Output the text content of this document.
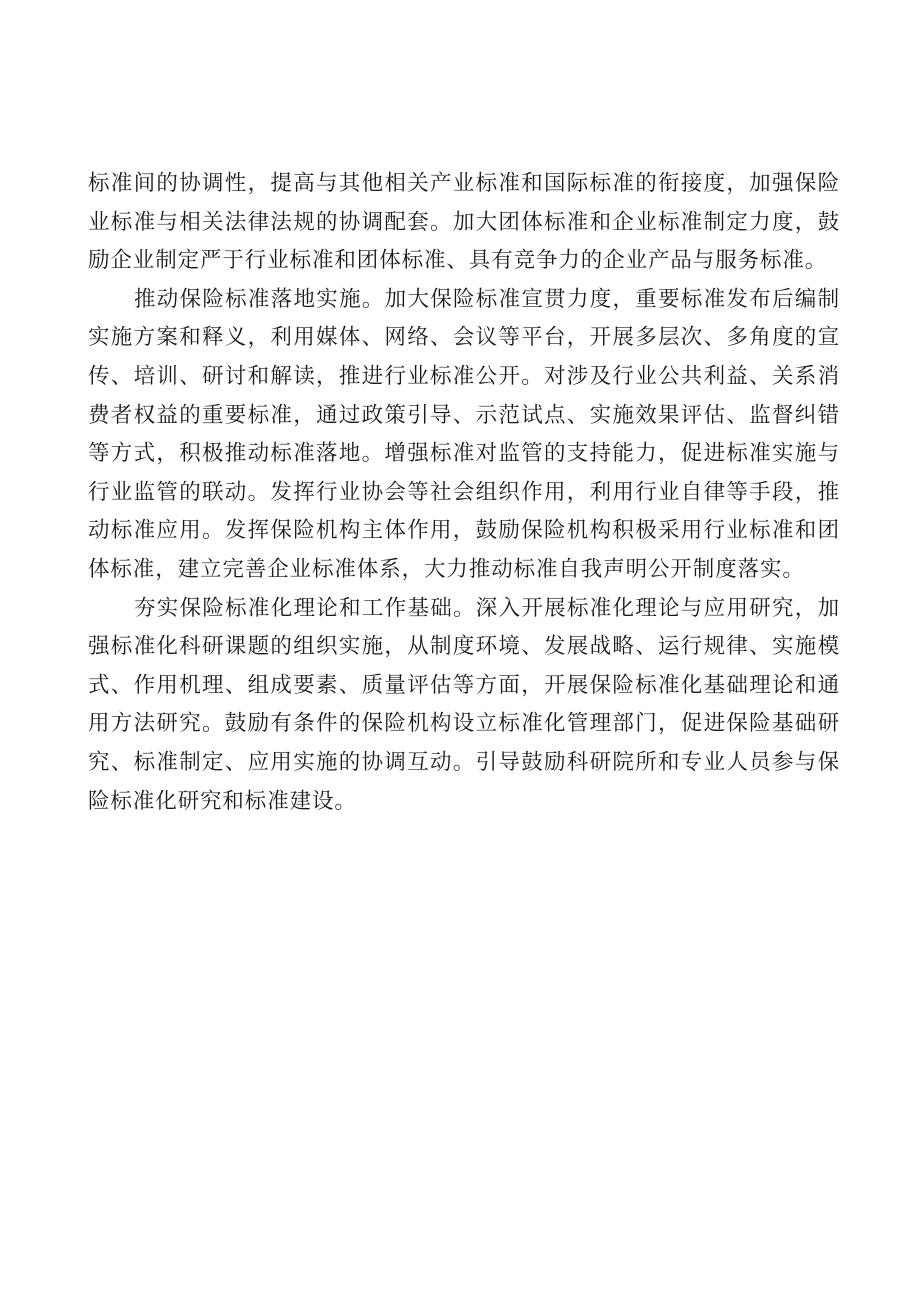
标准间的协调性，提高与其他相关产业标准和国际标准的衔接度，加强保险业标准与相关法律法规的协调配套。加大团体标准和企业标准制定力度，鼓励企业制定严于行业标准和团体标准、具有竞争力的企业产品与服务标准。

推动保险标准落地实施。加大保险标准宣贯力度，重要标准发布后编制实施方案和释义，利用媒体、网络、会议等平台，开展多层次、多角度的宣传、培训、研讨和解读，推进行业标准公开。对涉及行业公共利益、关系消费者权益的重要标准，通过政策引导、示范试点、实施效果评估、监督纠错等方式，积极推动标准落地。增强标准对监管的支持能力，促进标准实施与行业监管的联动。发挥行业协会等社会组织作用，利用行业自律等手段，推动标准应用。发挥保险机构主体作用，鼓励保险机构积极采用行业标准和团体标准，建立完善企业标准体系，大力推动标准自我声明公开制度落实。

夯实保险标准化理论和工作基础。深入开展标准化理论与应用研究，加强标准化科研课题的组织实施，从制度环境、发展战略、运行规律、实施模式、作用机理、组成要素、质量评估等方面，开展保险标准化基础理论和通用方法研究。鼓励有条件的保险机构设立标准化管理部门，促进保险基础研究、标准制定、应用实施的协调互动。引导鼓励科研院所和专业人员参与保险标准化研究和标准建设。
